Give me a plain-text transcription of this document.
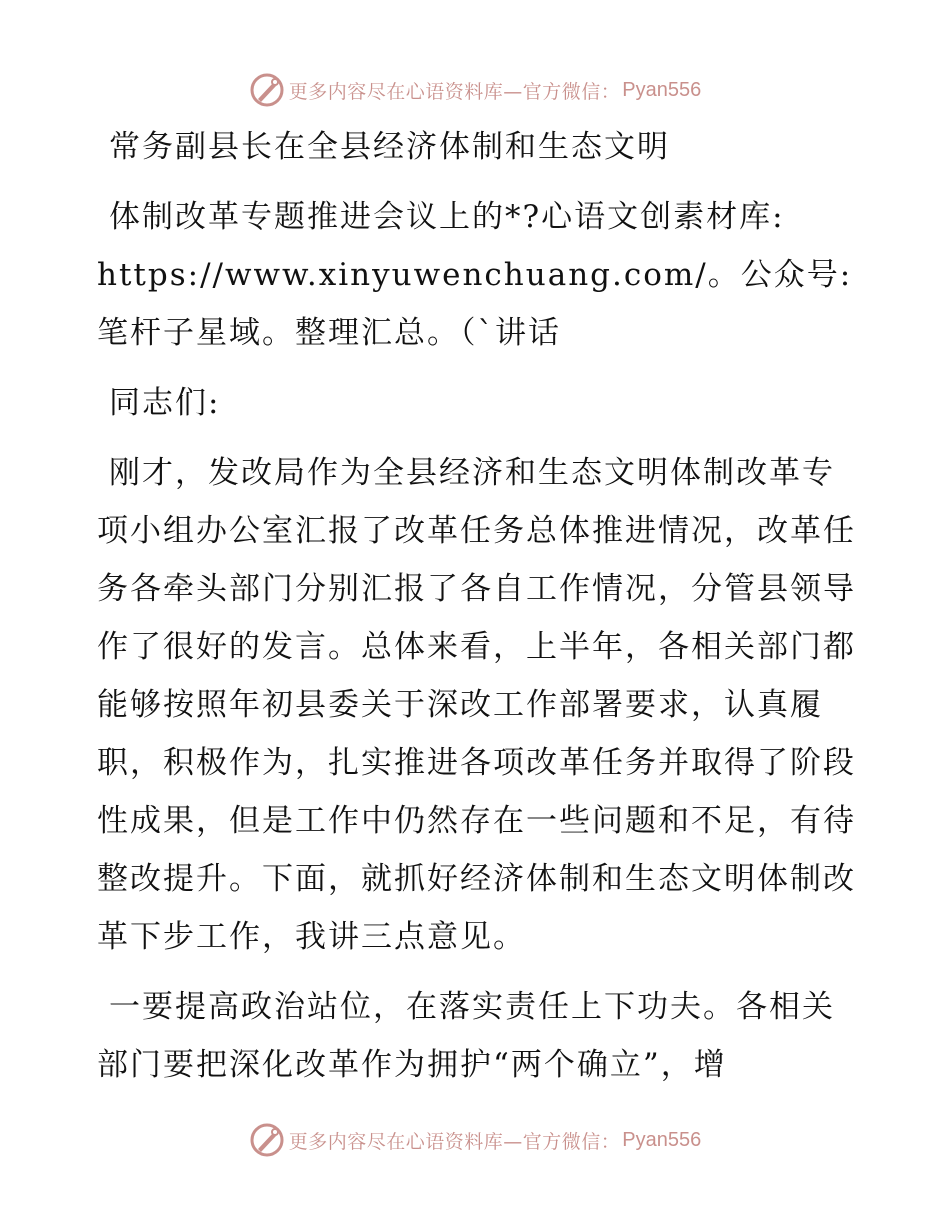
更多内容尽在心语资料库—官方微信： Pyan556

常务副县长在全县经济体制和生态文明

体制改革专题推进会议上的*?心语文创素材库: https://www.xinyuwenchuang.com/。公众号: 笔杆子星域。整理汇总。（`讲话

同志们:

刚才，发改局作为全县经济和生态文明体制改革专项小组办公室汇报了改革任务总体推进情况，改革任务各牵头部门分别汇报了各自工作情况，分管县领导作了很好的发言。总体来看，上半年，各相关部门都能够按照年初县委关于深改工作部署要求，认真履职，积极作为，扎实推进各项改革任务并取得了阶段性成果，但是工作中仍然存在一些问题和不足，有待整改提升。下面，就抓好经济体制和生态文明体制改革下步工作，我讲三点意见。

一要提高政治站位，在落实责任上下功夫。各相关部门要把深化改革作为拥护“两个确立”，增

更多内容尽在心语资料库—官方微信： Pyan556
